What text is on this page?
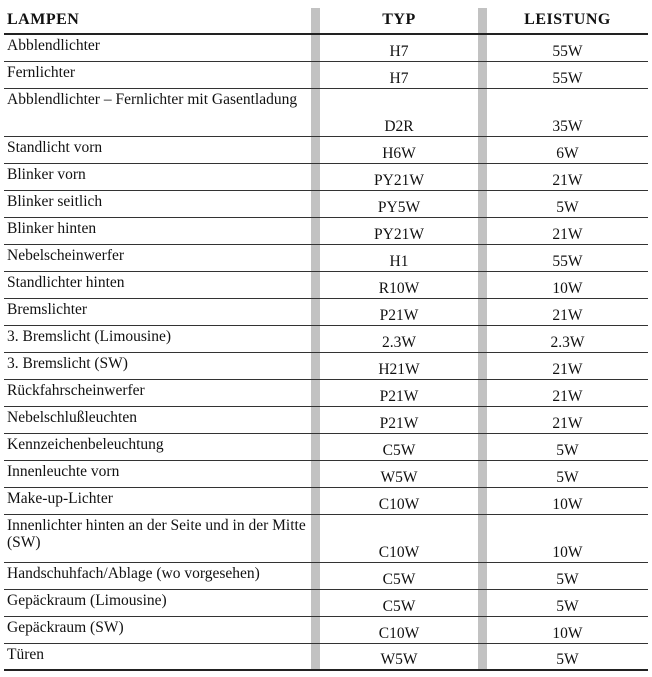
LAMPEN	TYP	LEISTUNG
Abblendlichter	H7	55W
Fernlichter	H7	55W
Abblendlichter – Fernlichter mit Gasentladung
D2R	35W
Standlicht vorn	H6W	6W
Blinker vorn	PY21W	21W
Blinker seitlich	PY5W	5W
Blinker hinten	PY21W	21W
Nebelscheinwerfer	H1	55W
Standlichter hinten	R10W	10W
Bremslichter	P21W	21W
3. Bremslicht (Limousine)	2.3W	2.3W
3. Bremslicht (SW)	H21W	21W
Rückfahrscheinwerfer	P21W	21W
Nebelschlußleuchten	P21W	21W
Kennzeichenbeleuchtung	C5W	5W
Innenleuchte vorn	W5W	5W
Make-up-Lichter	C10W	10W
Innenlichter hinten an der Seite und in der Mitte (SW)
C10W	10W
Handschuhfach/Ablage (wo vorgesehen)	C5W	5W
Gepäckraum (Limousine)	C5W	5W
Gepäckraum (SW)	C10W	10W
Türen	W5W	5W
